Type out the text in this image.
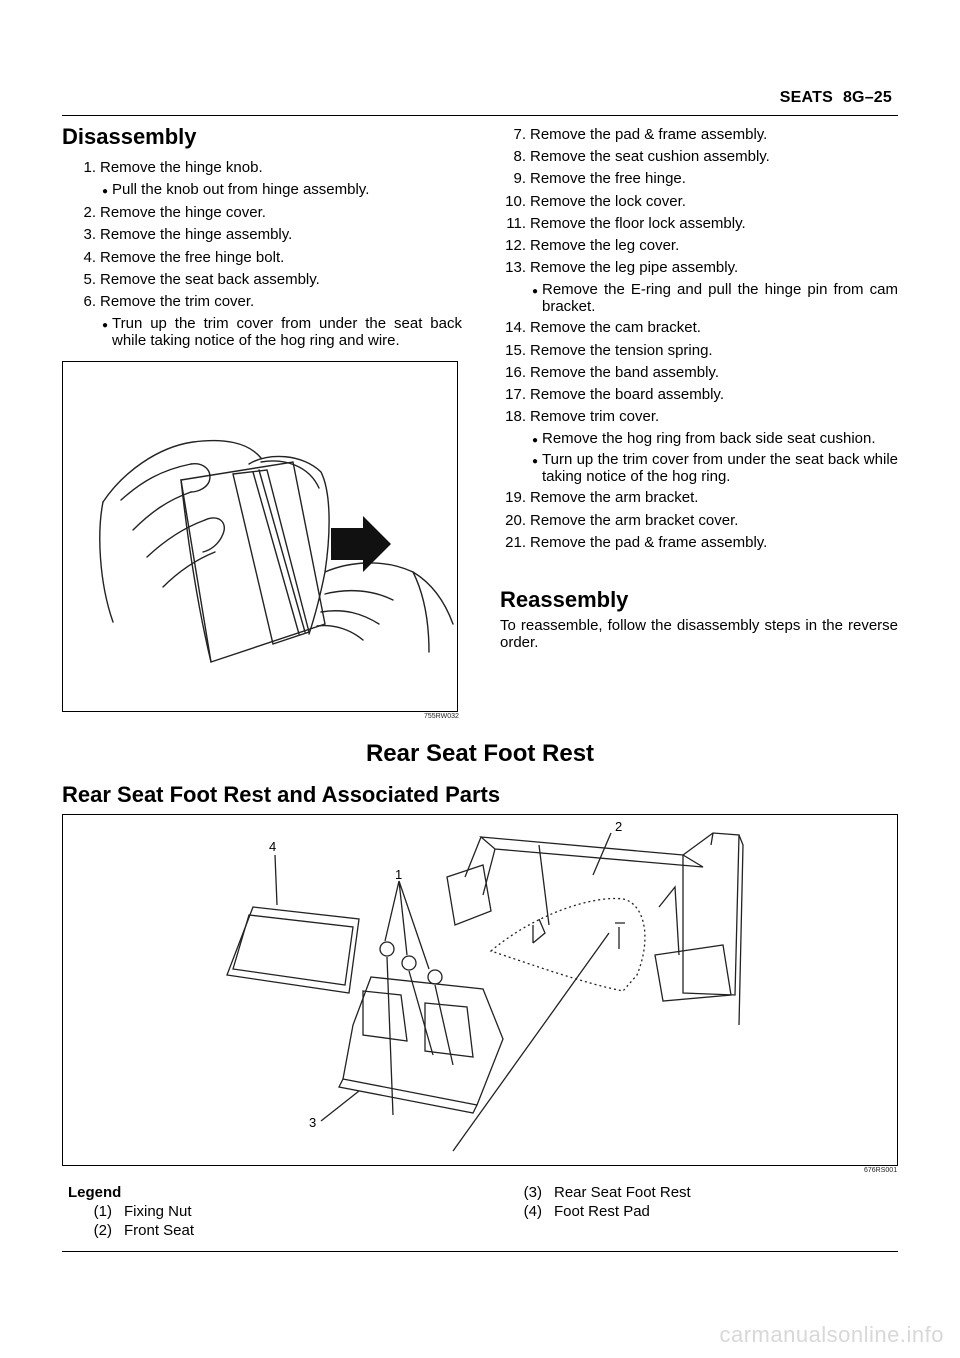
SEATS 8G–25
Disassembly
1. Remove the hinge knob.
● Pull the knob out from hinge assembly.
2. Remove the hinge cover.
3. Remove the hinge assembly.
4. Remove the free hinge bolt.
5. Remove the seat back assembly.
6. Remove the trim cover.
● Trun up the trim cover from under the seat back while taking notice of the hog ring and wire.
755RW032
7. Remove the pad & frame assembly.
8. Remove the seat cushion assembly.
9. Remove the free hinge.
10. Remove the lock cover.
11. Remove the floor lock assembly.
12. Remove the leg cover.
13. Remove the leg pipe assembly.
● Remove the E-ring and pull the hinge pin from cam bracket.
14. Remove the cam bracket.
15. Remove the tension spring.
16. Remove the band assembly.
17. Remove the board assembly.
18. Remove trim cover.
● Remove the hog ring from back side seat cushion.
● Turn up the trim cover from under the seat back while taking notice of the hog ring.
19. Remove the arm bracket.
20. Remove the arm bracket cover.
21. Remove the pad & frame assembly.
Reassembly
To reassemble, follow the disassembly steps in the reverse order.
Rear Seat Foot Rest
Rear Seat Foot Rest and Associated Parts
4
1
2
3
676RS001
Legend
(1) Fixing Nut
(2) Front Seat
(3) Rear Seat Foot Rest
(4) Foot Rest Pad
carmanualsonline.info
